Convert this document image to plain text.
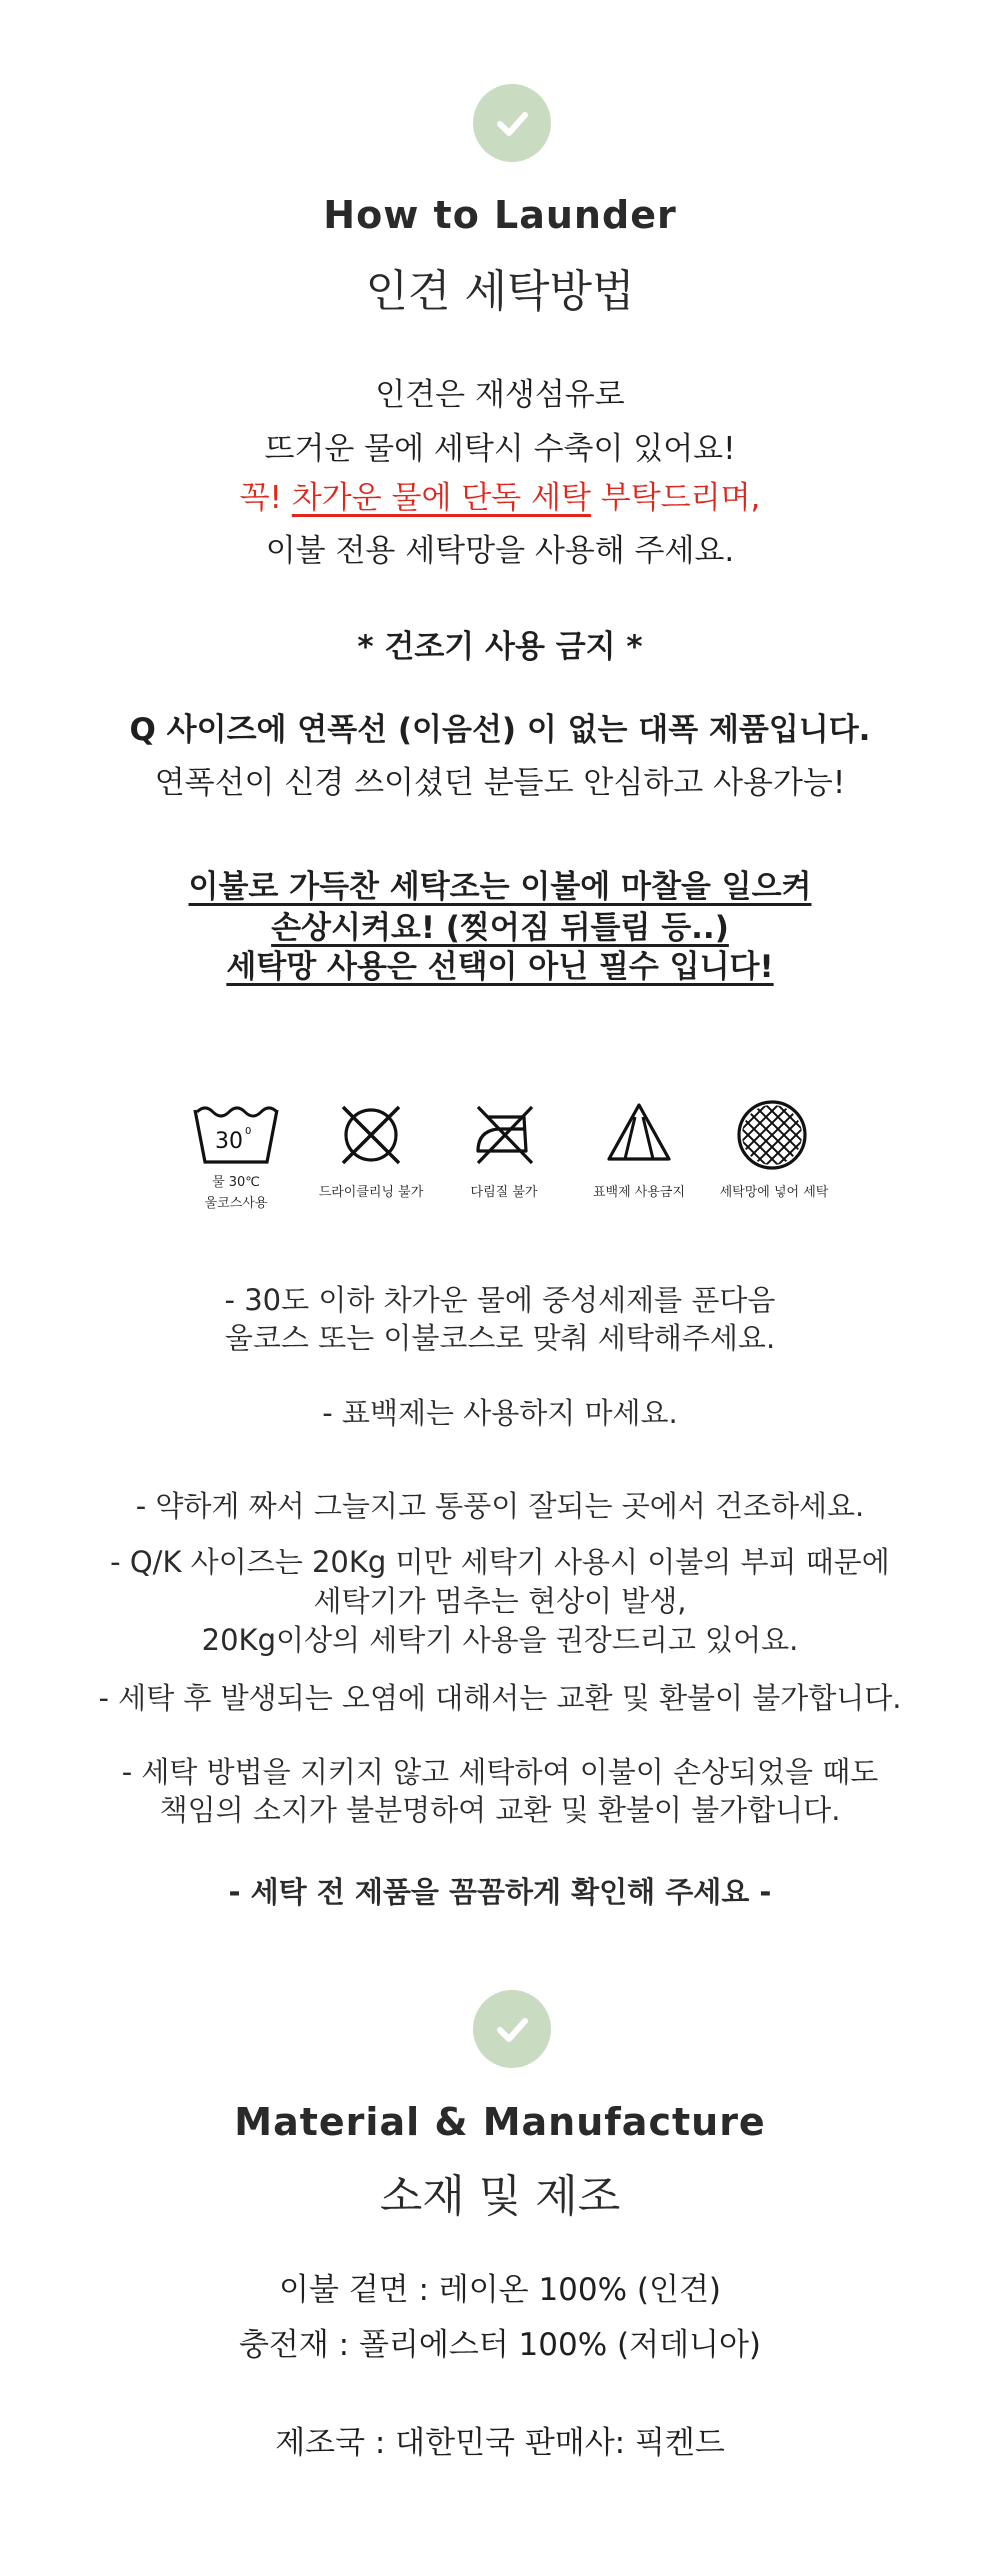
How to Launder
인견 세탁방법
인견은 재생섬유로
뜨거운 물에 세탁시 수축이 있어요!
꼭! 차가운 물에 단독 세탁 부탁드리며,
이불 전용 세탁망을 사용해 주세요.
* 건조기 사용 금지 *
Q 사이즈에 연폭선 (이음선) 이 없는 대폭 제품입니다.
연폭선이 신경 쓰이셨던 분들도 안심하고 사용가능!
이불로 가득찬 세탁조는 이불에 마찰을 일으켜
손상시켜요! (찢어짐 뒤틀림 등..)
세탁망 사용은 선택이 아닌 필수 입니다!
30 0
물 30℃
울코스사용
드라이클리닝 불가	다림질 불가	표백제 사용금지	세탁망에 넣어 세탁
- 30도 이하 차가운 물에 중성세제를 푼다음
울코스 또는 이불코스로 맞춰 세탁해주세요.
- 표백제는 사용하지 마세요.
- 약하게 짜서 그늘지고 통풍이 잘되는 곳에서 건조하세요.
- Q/K 사이즈는 20Kg 미만 세탁기 사용시 이불의 부피 때문에
세탁기가 멈추는 현상이 발생,
20Kg이상의 세탁기 사용을 권장드리고 있어요.
- 세탁 후 발생되는 오염에 대해서는 교환 및 환불이 불가합니다.
- 세탁 방법을 지키지 않고 세탁하여 이불이 손상되었을 때도
책임의 소지가 불분명하여 교환 및 환불이 불가합니다.
- 세탁 전 제품을 꼼꼼하게 확인해 주세요 -
Material & Manufacture
소재 및 제조
이불 겉면 : 레이온 100% (인견)
충전재 : 폴리에스터 100% (저데니아)
제조국 : 대한민국 판매사: 픽켄드
